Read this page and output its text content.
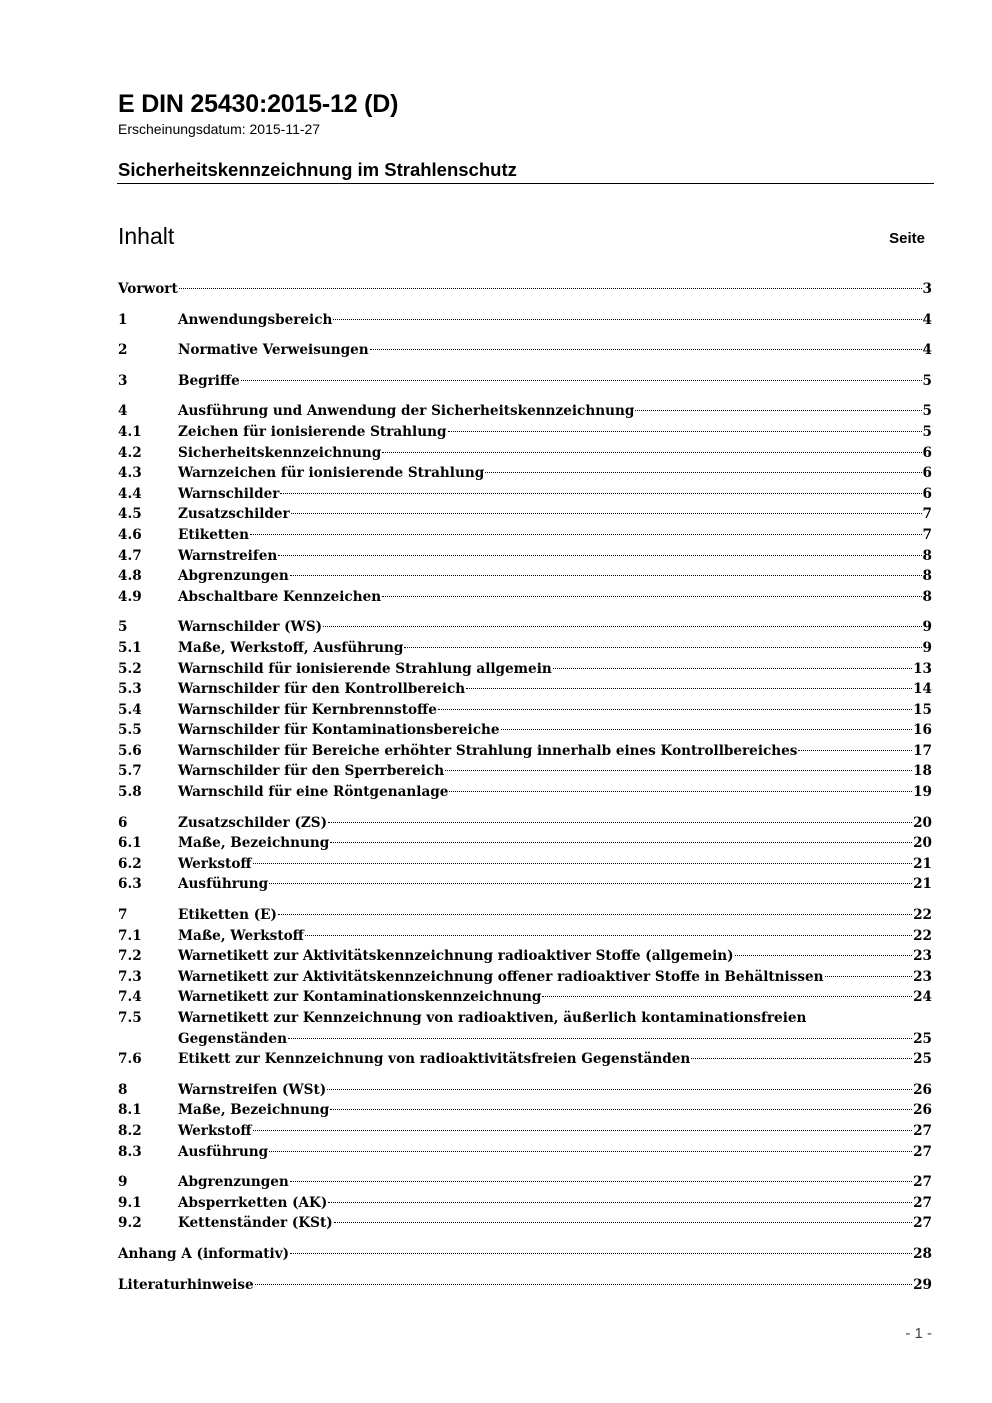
E DIN 25430:2015-12 (D)
Erscheinungsdatum: 2015-11-27
Sicherheitskennzeichnung im Strahlenschutz
Inhalt	Seite
Vorwort	3
1	Anwendungsbereich	4
2	Normative Verweisungen	4
3	Begriffe	5
4	Ausführung und Anwendung der Sicherheitskennzeichnung	5
4.1	Zeichen für ionisierende Strahlung	5
4.2	Sicherheitskennzeichnung	6
4.3	Warnzeichen für ionisierende Strahlung	6
4.4	Warnschilder	6
4.5	Zusatzschilder	7
4.6	Etiketten	7
4.7	Warnstreifen	8
4.8	Abgrenzungen	8
4.9	Abschaltbare Kennzeichen	8
5	Warnschilder (WS)	9
5.1	Maße, Werkstoff, Ausführung	9
5.2	Warnschild für ionisierende Strahlung allgemein	13
5.3	Warnschilder für den Kontrollbereich	14
5.4	Warnschilder für Kernbrennstoffe	15
5.5	Warnschilder für Kontaminationsbereiche	16
5.6	Warnschilder für Bereiche erhöhter Strahlung innerhalb eines Kontrollbereiches	17
5.7	Warnschilder für den Sperrbereich	18
5.8	Warnschild für eine Röntgenanlage	19
6	Zusatzschilder (ZS)	20
6.1	Maße, Bezeichnung	20
6.2	Werkstoff	21
6.3	Ausführung	21
7	Etiketten (E)	22
7.1	Maße, Werkstoff	22
7.2	Warnetikett zur Aktivitätskennzeichnung radioaktiver Stoffe (allgemein)	23
7.3	Warnetikett zur Aktivitätskennzeichnung offener radioaktiver Stoffe in Behältnissen	23
7.4	Warnetikett zur Kontaminationskennzeichnung	24
7.5	Warnetikett zur Kennzeichnung von radioaktiven, äußerlich kontaminationsfreien
Gegenständen	25
7.6	Etikett zur Kennzeichnung von radioaktivitätsfreien Gegenständen	25
8	Warnstreifen (WSt)	26
8.1	Maße, Bezeichnung	26
8.2	Werkstoff	27
8.3	Ausführung	27
9	Abgrenzungen	27
9.1	Absperrketten (AK)	27
9.2	Kettenständer (KSt)	27
Anhang A (informativ)	28
Literaturhinweise	29
- 1 -
